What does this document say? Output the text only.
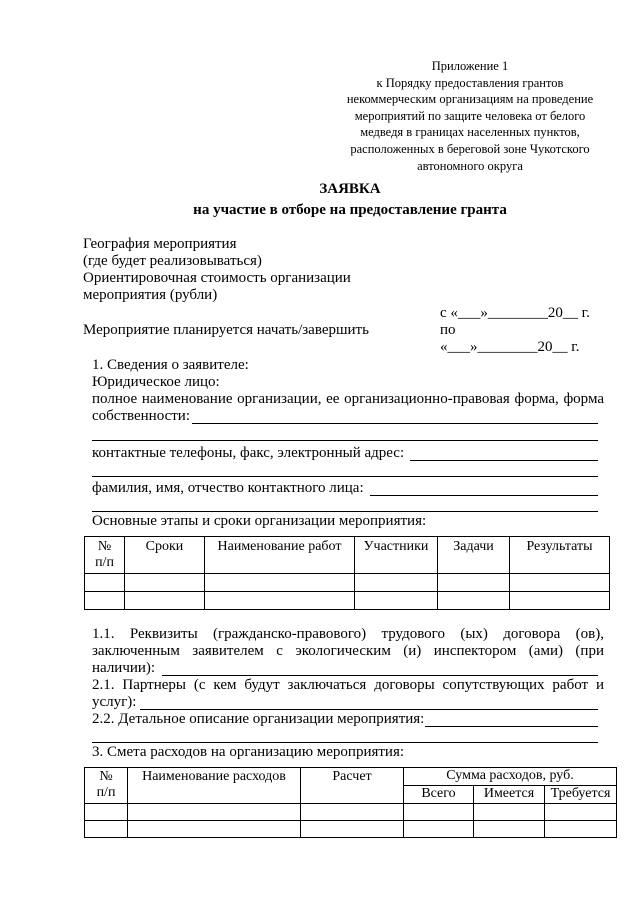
Приложение 1
к Порядку предоставления грантов
некоммерческим организациям на проведение
мероприятий по защите человека от белого
медведя в границах населенных пунктов,
расположенных в береговой зоне Чукотского
автономного округа
ЗАЯВКА
на участие в отборе на предоставление гранта
География мероприятия
(где будет реализовываться)
Ориентировочная стоимость организации
мероприятия (рубли)
с «___»________20__ г.
Мероприятие планируется начать/завершить	по
«___»________20__ г.
1. Сведения о заявителе:
Юридическое лицо:
полное наименование организации, ее организационно-правовая форма, форма
собственности:
контактные телефоны, факс, электронный адрес:
фамилия, имя, отчество контактного лица:
Основные этапы и сроки организации мероприятия:
№ п/п	Сроки	Наименование работ	Участники	Задачи	Результаты

1.1. Реквизиты (гражданско-правового) трудового (ых) договора (ов),
заключенным заявителем с экологическим (и) инспектором (ами) (при
наличии):
2.1. Партнеры (с кем будут заключаться договоры сопутствующих работ и
услуг):
2.2. Детальное описание организации мероприятия:
3. Смета расходов на организацию мероприятия:
№ п/п	Наименование расходов	Расчет	Сумма расходов, руб.		
			Всего	Имеется	Требуется
